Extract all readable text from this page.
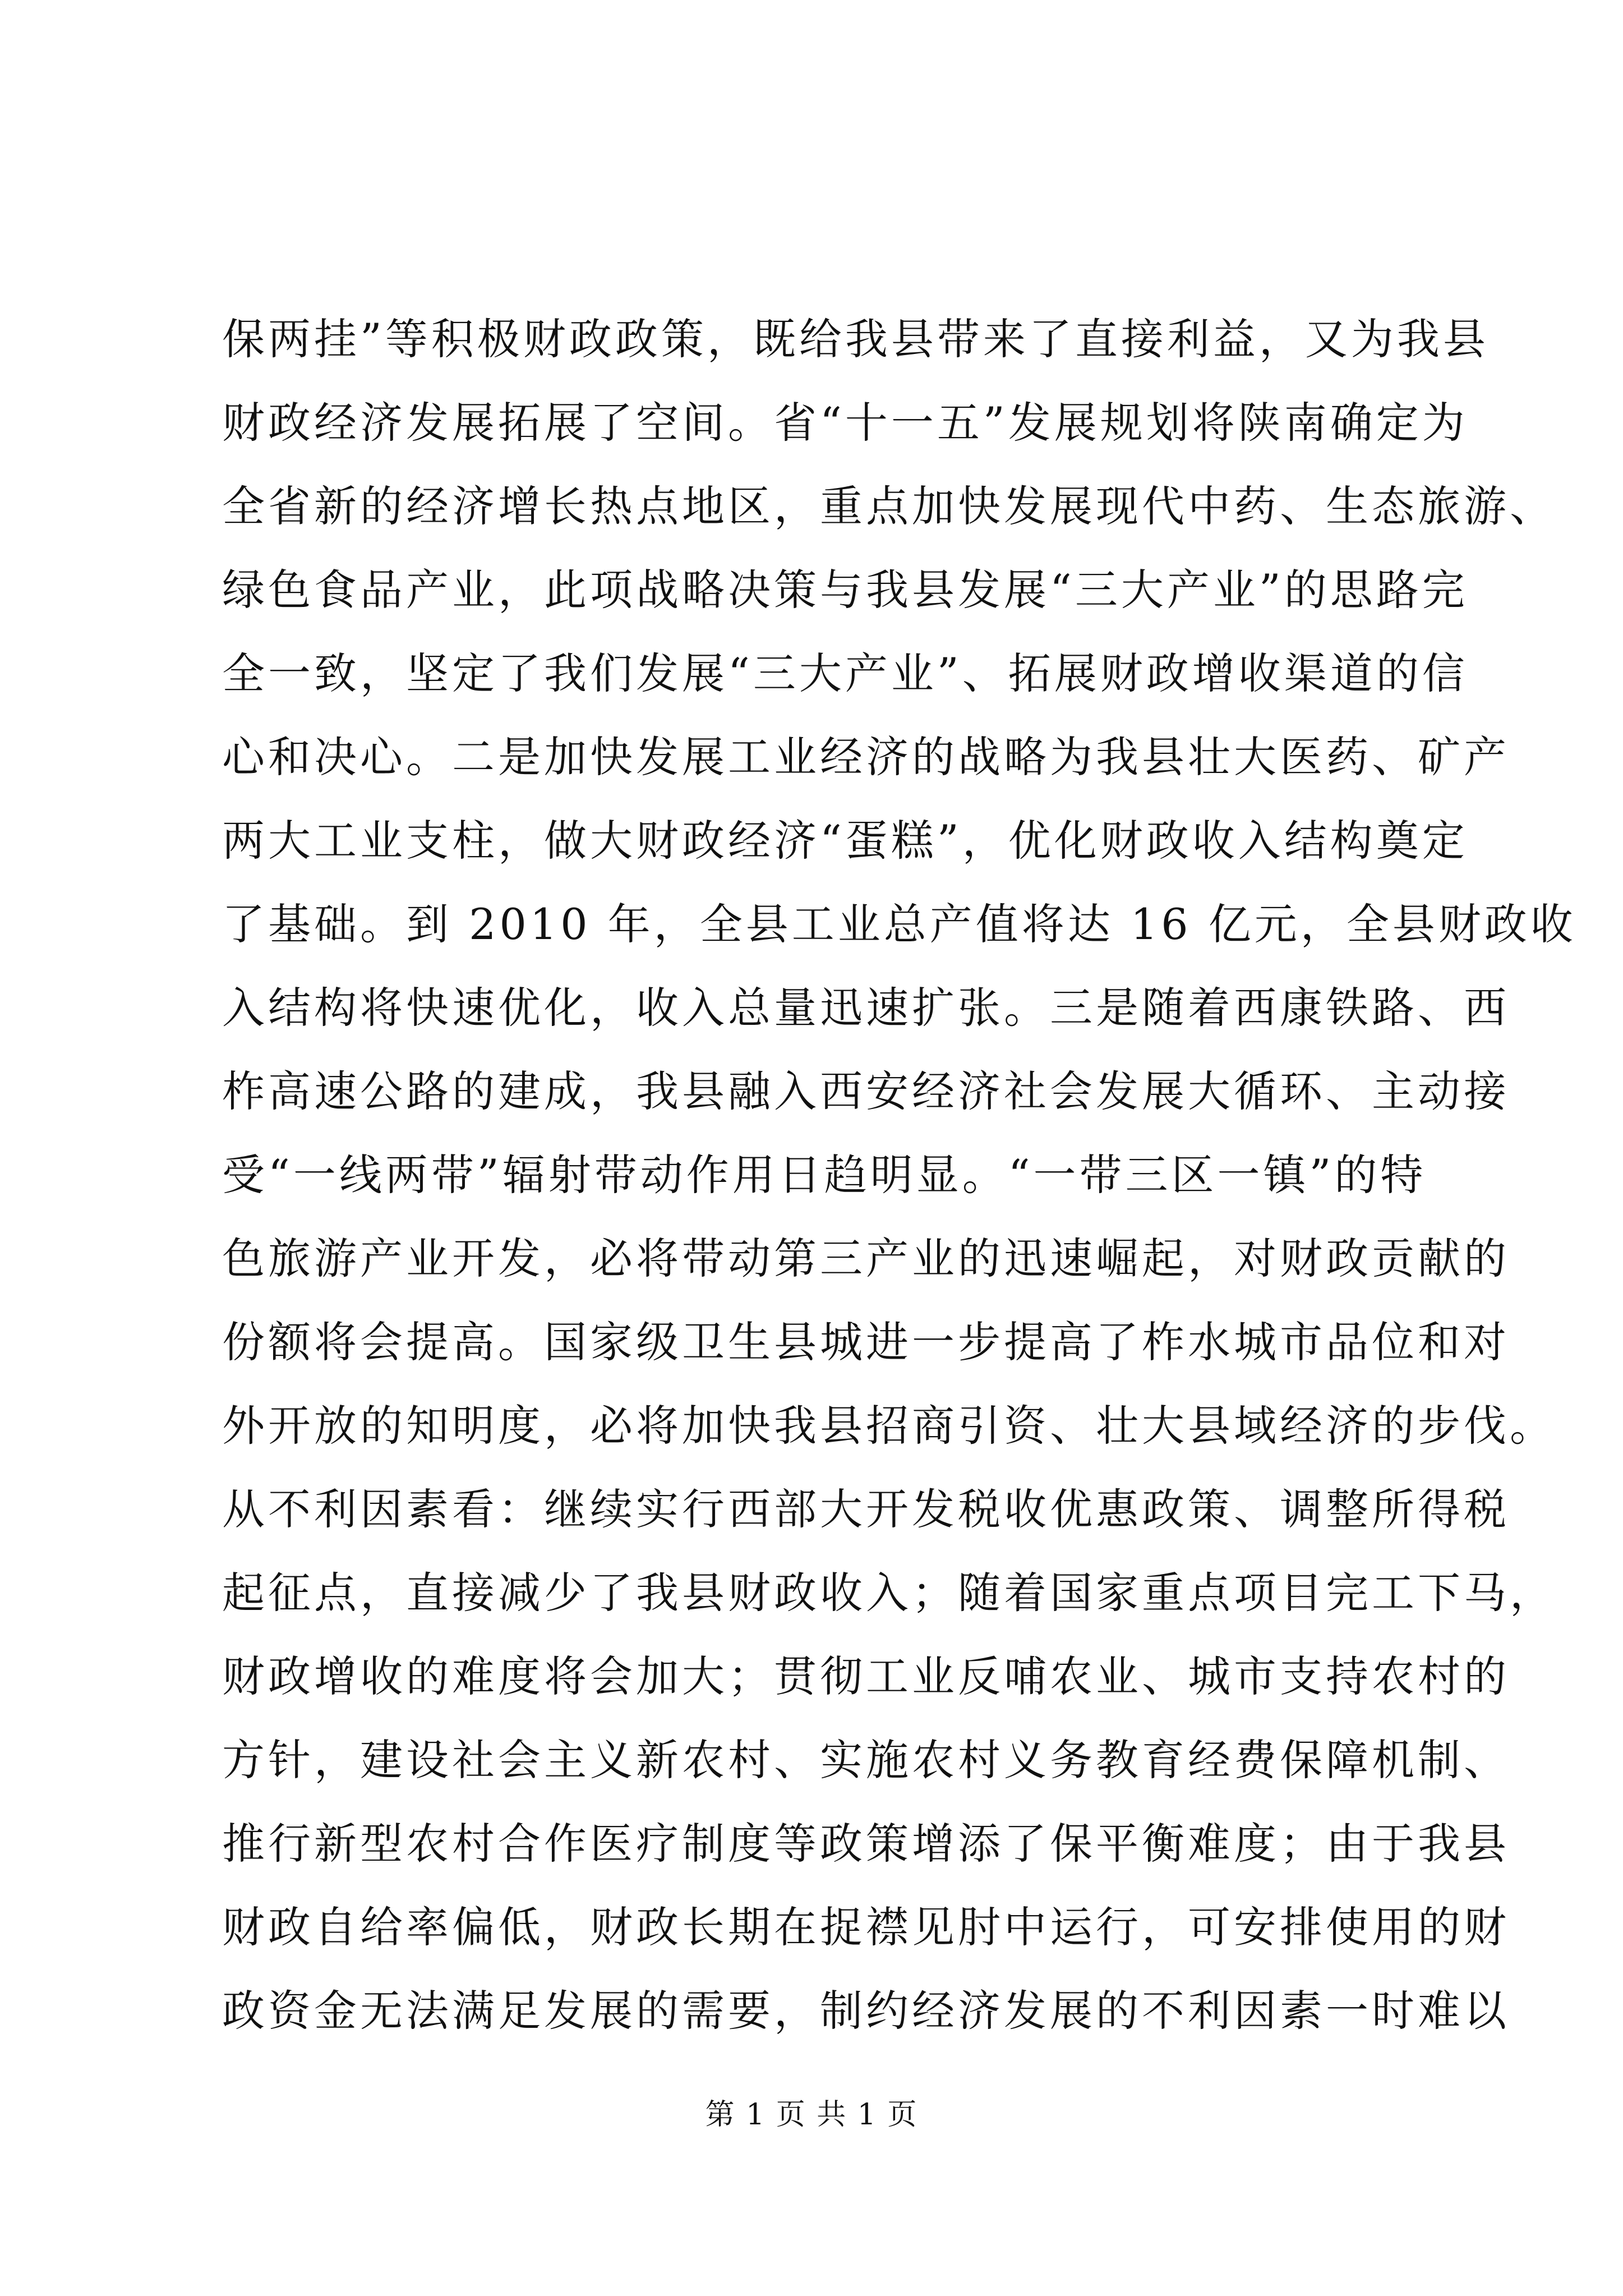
保两挂”等积极财政政策，既给我县带来了直接利益，又为我县
财政经济发展拓展了空间。省“十一五”发展规划将陕南确定为
全省新的经济增长热点地区，重点加快发展现代中药、生态旅游、
绿色食品产业，此项战略决策与我县发展“三大产业”的思路完
全一致，坚定了我们发展“三大产业”、拓展财政增收渠道的信
心和决心。二是加快发展工业经济的战略为我县壮大医药、矿产
两大工业支柱，做大财政经济“蛋糕”，优化财政收入结构奠定
了基础。到 2010 年，全县工业总产值将达 16 亿元，全县财政收
入结构将快速优化，收入总量迅速扩张。三是随着西康铁路、西
柞高速公路的建成，我县融入西安经济社会发展大循环、主动接
受“一线两带”辐射带动作用日趋明显。“一带三区一镇”的特
色旅游产业开发，必将带动第三产业的迅速崛起，对财政贡献的
份额将会提高。国家级卫生县城进一步提高了柞水城市品位和对
外开放的知明度，必将加快我县招商引资、壮大县域经济的步伐。
从不利因素看：继续实行西部大开发税收优惠政策、调整所得税
起征点，直接减少了我县财政收入；随着国家重点项目完工下马，
财政增收的难度将会加大；贯彻工业反哺农业、城市支持农村的
方针，建设社会主义新农村、实施农村义务教育经费保障机制、
推行新型农村合作医疗制度等政策增添了保平衡难度；由于我县
财政自给率偏低，财政长期在捉襟见肘中运行，可安排使用的财
政资金无法满足发展的需要，制约经济发展的不利因素一时难以
第 1 页 共 1 页
